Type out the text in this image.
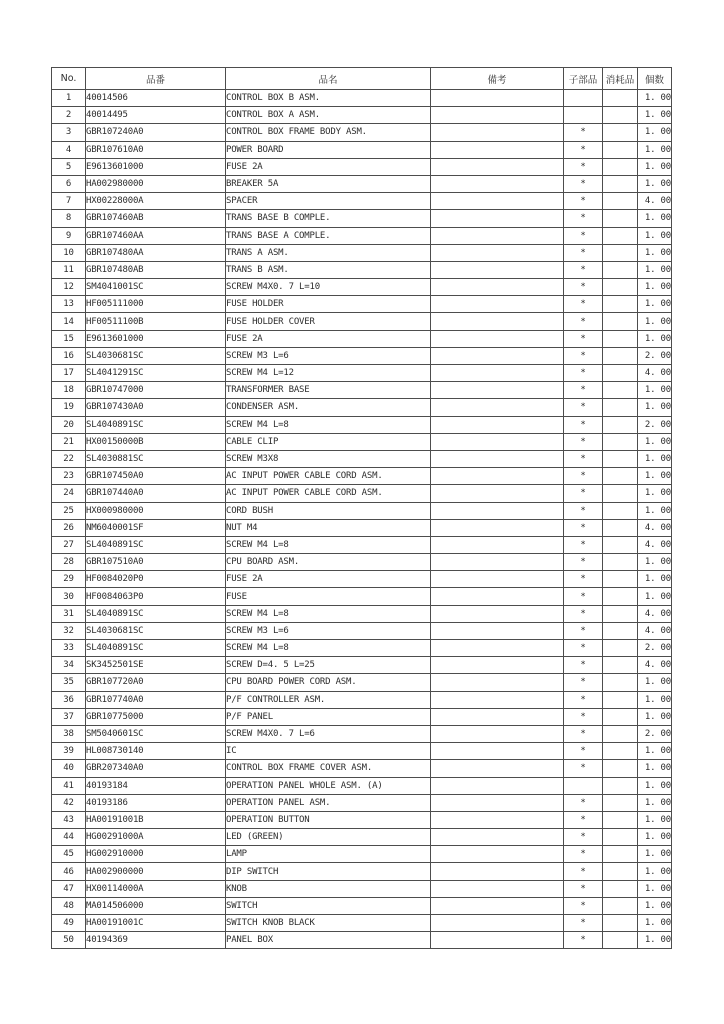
No.	品番	品名	備考	子部品	消耗品	個数
1	40014506	CONTROL BOX B ASM.				1. 00
2	40014495	CONTROL BOX A ASM.				1. 00
3	GBR107240A0	CONTROL BOX FRAME BODY ASM.		*		1. 00
4	GBR107610A0	POWER BOARD		*		1. 00
5	E9613601000	FUSE 2A		*		1. 00
6	HA002980000	BREAKER 5A		*		1. 00
7	HX00228000A	SPACER		*		4. 00
8	GBR107460AB	TRANS BASE B COMPLE.		*		1. 00
9	GBR107460AA	TRANS BASE A COMPLE.		*		1. 00
10	GBR107480AA	TRANS A ASM.		*		1. 00
11	GBR107480AB	TRANS B ASM.		*		1. 00
12	SM4041001SC	SCREW M4X0. 7 L=10		*		1. 00
13	HF005111000	FUSE HOLDER		*		1. 00
14	HF00511100B	FUSE HOLDER COVER		*		1. 00
15	E9613601000	FUSE 2A		*		1. 00
16	SL4030681SC	SCREW M3 L=6		*		2. 00
17	SL4041291SC	SCREW M4 L=12		*		4. 00
18	GBR10747000	TRANSFORMER BASE		*		1. 00
19	GBR107430A0	CONDENSER ASM.		*		1. 00
20	SL4040891SC	SCREW M4 L=8		*		2. 00
21	HX00150000B	CABLE CLIP		*		1. 00
22	SL4030881SC	SCREW M3X8		*		1. 00
23	GBR107450A0	AC INPUT POWER CABLE CORD ASM.		*		1. 00
24	GBR107440A0	AC INPUT POWER CABLE CORD ASM.		*		1. 00
25	HX000980000	CORD BUSH		*		1. 00
26	NM6040001SF	NUT M4		*		4. 00
27	SL4040891SC	SCREW M4 L=8		*		4. 00
28	GBR107510A0	CPU BOARD ASM.		*		1. 00
29	HF0084020P0	FUSE 2A		*		1. 00
30	HF0084063P0	FUSE		*		1. 00
31	SL4040891SC	SCREW M4 L=8		*		4. 00
32	SL4030681SC	SCREW M3 L=6		*		4. 00
33	SL4040891SC	SCREW M4 L=8		*		2. 00
34	SK3452501SE	SCREW D=4. 5 L=25		*		4. 00
35	GBR107720A0	CPU BOARD POWER CORD ASM.		*		1. 00
36	GBR107740A0	P/F CONTROLLER ASM.		*		1. 00
37	GBR10775000	P/F PANEL		*		1. 00
38	SM5040601SC	SCREW M4X0. 7 L=6		*		2. 00
39	HL008730140	IC		*		1. 00
40	GBR207340A0	CONTROL BOX FRAME COVER ASM.		*		1. 00
41	40193184	OPERATION PANEL WHOLE ASM. (A)				1. 00
42	40193186	OPERATION PANEL ASM.		*		1. 00
43	HA00191001B	OPERATION BUTTON		*		1. 00
44	HG00291000A	LED (GREEN)		*		1. 00
45	HG002910000	LAMP		*		1. 00
46	HA002900000	DIP SWITCH		*		1. 00
47	HX00114000A	KNOB		*		1. 00
48	MA014506000	SWITCH		*		1. 00
49	HA00191001C	SWITCH KNOB BLACK		*		1. 00
50	40194369	PANEL BOX		*		1. 00
